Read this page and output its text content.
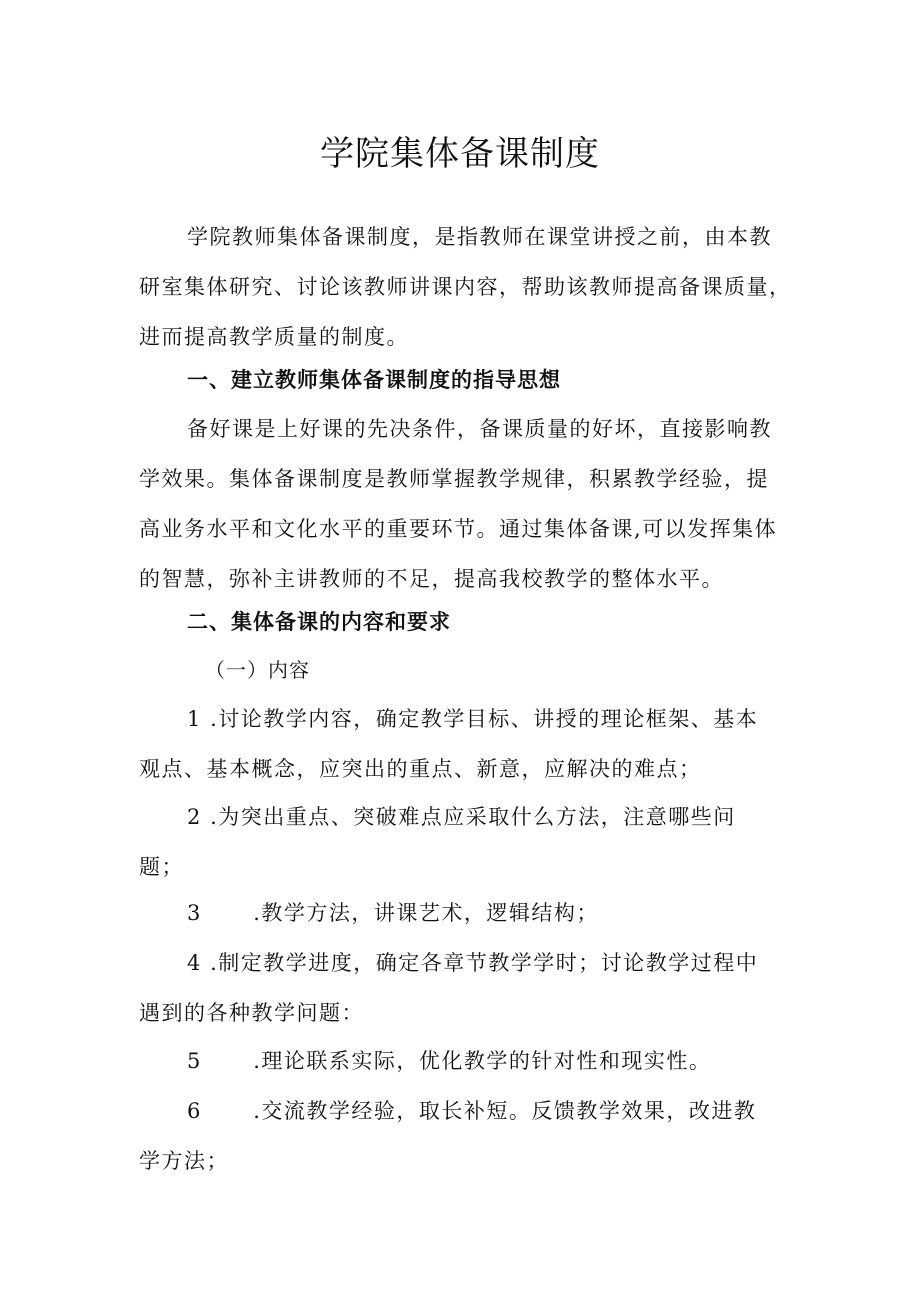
学院集体备课制度
学院教师集体备课制度，是指教师在课堂讲授之前，由本教
研室集体研究、讨论该教师讲课内容，帮助该教师提高备课质量，
进而提高教学质量的制度。
一、建立教师集体备课制度的指导思想
备好课是上好课的先决条件，备课质量的好坏，直接影响教
学效果。集体备课制度是教师掌握教学规律，积累教学经验，提
高业务水平和文化水平的重要环节。通过集体备课,可以发挥集体
的智慧，弥补主讲教师的不足，提高我校教学的整体水平。
二、集体备课的内容和要求
（一）内容
1 .讨论教学内容，确定教学目标、讲授的理论框架、基本
观点、基本概念，应突出的重点、新意，应解决的难点；
2 .为突出重点、突破难点应采取什么方法，注意哪些问
题；
3 .教学方法，讲课艺术，逻辑结构；
4 .制定教学进度，确定各章节教学学时；讨论教学过程中
遇到的各种教学问题：
5 .理论联系实际，优化教学的针对性和现实性。
6 .交流教学经验，取长补短。反馈教学效果，改进教
学方法；
